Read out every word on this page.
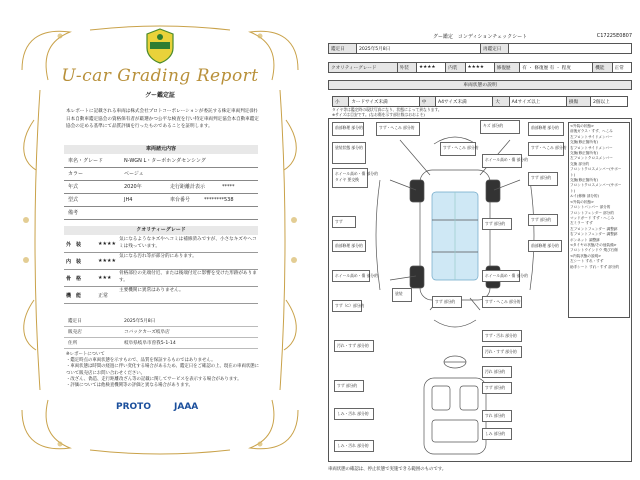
U-car Grading Report
グー鑑定証
本レポートに記載される車両は株式会社プロトコーポレーションが委託する株定車両判定(財)日本自動車鑑定協会の資格保有者が厳選かつ公平な検査を行い特定車両判定協会本自動車鑑定協会の定める基準にて品質評価を行ったものであることを証明します。
車両諸元内容
車名・グレード	N-WGN L・ターボホンダセンシング
カラー	ベージュ
年式	2020年	走行距離計表示	*****
型式	JH4	車台番号	********538
備考
クオリティーグレード
外　装	★★★★
気になるようなキズやへコミは補修済みですが、小さなキズやへコミは残っています。
内　装	★★★★
気になる汚れ等が部分的にあります。
骨　格	★★★
骨格部位の先端付近、または後端付近に影響を受けた形跡があります。
機　能	正常
主要機関に異常はありません。
鑑定日	2025年5月8日
販売店	コバックカーズ岐阜店
住所	岐阜県岐阜市曽我5-1-14
※レポートについて
・鑑定時点の車両状態を示すもので、品質を保証するものではありません。
・車両状態は時間の経過に伴い変化する場合があるため、鑑定日をご確認の上、現在の車両状態について販売店にお問い合わせください。
・改ざん、偽造、走行距離改ざん等の記載に関してサービスを表示する場合があります。
・評価については他検査機関等の評価と異なる場合があります。
PROTO	JAAA
グー鑑定　コンディションチェックシート	C17225E0807
鑑定日	2025年5月8日	再鑑定日	
クオリティーグレード	外装	★★★★	内装	★★★★	修復歴	有 ・ 修復歴 有 ・ 程度	機能	正常
車両状態の説明
小	カードサイズ未満	中	A4サイズ未満	大	A4サイズ以上	損傷	2個以上
タイヤ等は鑑定時の現状写真になり、状態によって異なります。
※サイズは目安です。(なお傷を示す部位数はおおよそ)
前部修理 部分的	すず・へこみ 部分的	キズ 部分的	前部修理 部分的
塗装状態 部分的	すず・へこみ 部分的	すず・へこみ 部分的
ホイール高め・傷 部分的
タイヤ 要交換
ホイール高め・傷 部分的
すず 部分的
すず	すず 部分的
すず 部分的
前部修理 部分的	前部修理 部分的
ホイール高め・傷 部分的	ホイール高め・傷 部分的
すず（C）部分的
塗装
すず 部分的	すず・へこみ 部分的
汚れ・すず 部分的
すず・汚れ 部分的
汚れ・すず 部分的
汚れ 部分的
すず 部分的	すず 部分的
しみ・汚れ 部分的	すれ 部分的
しみ 部分的
しみ・汚れ 部分的
<外装の状態>
前後ガラス・すず、へこみ
左フロントサイドメンバー
交換(修正箇所有)
右フロントサイドメンバー
交換(修正箇所有)
左フロントクロスメンバー
交換 部分的
フロントクロスメンバー(サポート)
交換(修正箇所有)
フロントクロスメンバー(サポート)
ルイ(修修 部分的)
<外装の状態>
フロントバンパー 部分的
フロントフェンダー 部分的
マッドガード すず・へこみ
左ミラー すず
左フロントフェンダー 調整跡
右フロントフェンダー 調整跡
ボンネット 調整跡
<タイヤの状態/その他装備>
フロントウインドウ 飛び石傷
<内装状態の説明>
左シート すれ・すず
助手シート すれ・すず 部分的
車両状態の確認は、停止状態で実施できる範囲のものです。
